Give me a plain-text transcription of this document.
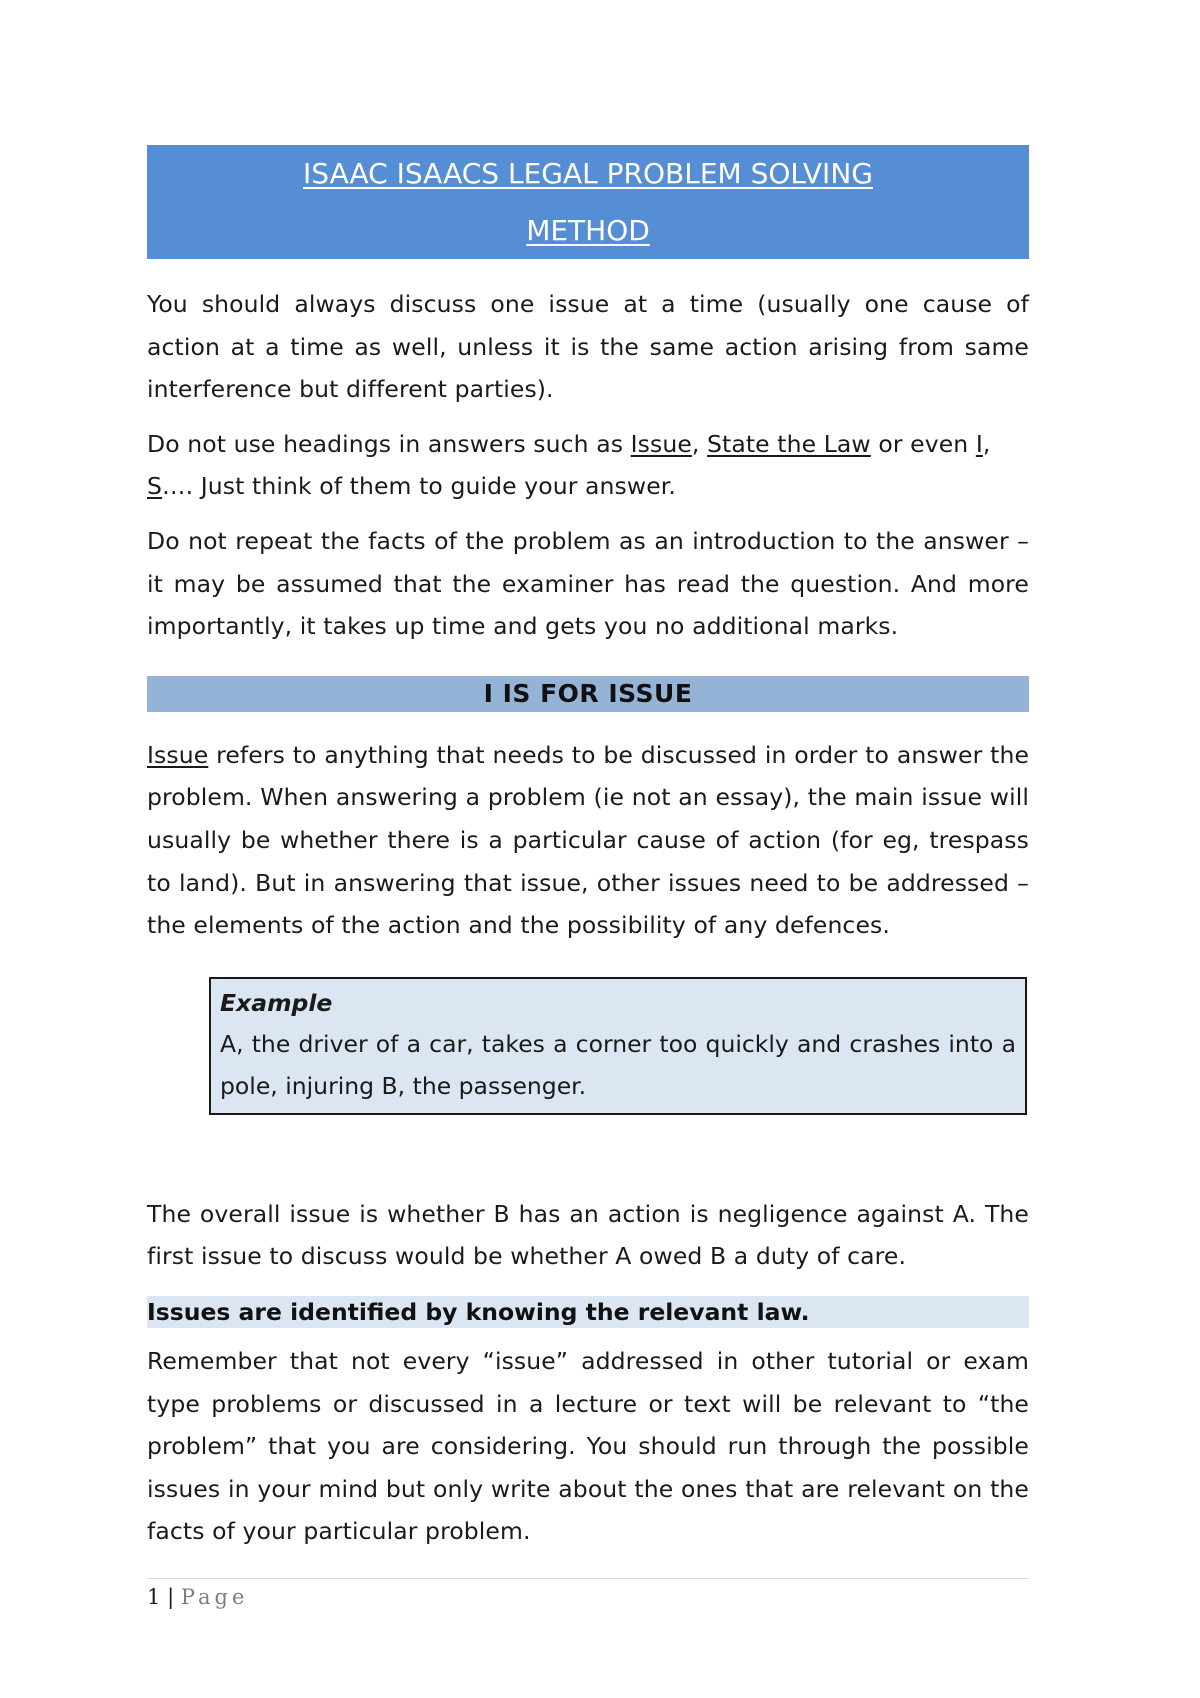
ISAAC ISAACS LEGAL PROBLEM SOLVING
METHOD

You should always discuss one issue at a time (usually one cause of action at a time as well, unless it is the same action arising from same interference but different parties).

Do not use headings in answers such as Issue, State the Law or even I, S…. Just think of them to guide your answer.

Do not repeat the facts of the problem as an introduction to the answer – it may be assumed that the examiner has read the question. And more importantly, it takes up time and gets you no additional marks.

I IS FOR ISSUE

Issue refers to anything that needs to be discussed in order to answer the problem. When answering a problem (ie not an essay), the main issue will usually be whether there is a particular cause of action (for eg, trespass to land). But in answering that issue, other issues need to be addressed – the elements of the action and the possibility of any defences.

Example
A, the driver of a car, takes a corner too quickly and crashes into a pole, injuring B, the passenger.

The overall issue is whether B has an action is negligence against A. The first issue to discuss would be whether A owed B a duty of care.

Issues are identified by knowing the relevant law.

Remember that not every “issue” addressed in other tutorial or exam type problems or discussed in a lecture or text will be relevant to “the problem” that you are considering. You should run through the possible issues in your mind but only write about the ones that are relevant on the facts of your particular problem.

1 | Page
